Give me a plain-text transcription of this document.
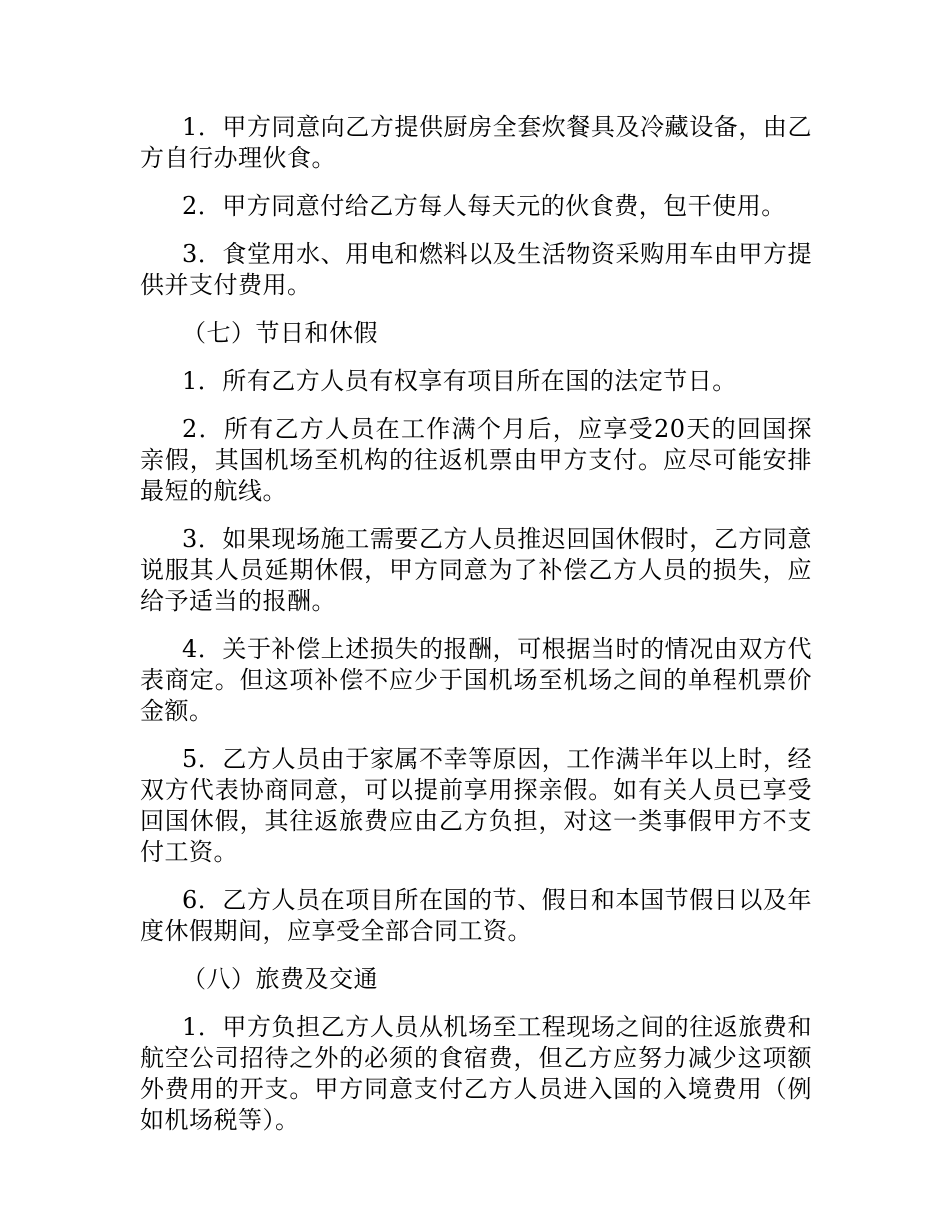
1．甲方同意向乙方提供厨房全套炊餐具及冷藏设备，由乙方自行办理伙食。

2．甲方同意付给乙方每人每天元的伙食费，包干使用。

3．食堂用水、用电和燃料以及生活物资采购用车由甲方提供并支付费用。

（七）节日和休假

1．所有乙方人员有权享有项目所在国的法定节日。

2．所有乙方人员在工作满个月后，应享受20天的回国探亲假，其国机场至机构的往返机票由甲方支付。应尽可能安排最短的航线。

3．如果现场施工需要乙方人员推迟回国休假时，乙方同意说服其人员延期休假，甲方同意为了补偿乙方人员的损失，应给予适当的报酬。

4．关于补偿上述损失的报酬，可根据当时的情况由双方代表商定。但这项补偿不应少于国机场至机场之间的单程机票价金额。

5．乙方人员由于家属不幸等原因，工作满半年以上时，经双方代表协商同意，可以提前享用探亲假。如有关人员已享受回国休假，其往返旅费应由乙方负担，对这一类事假甲方不支付工资。

6．乙方人员在项目所在国的节、假日和本国节假日以及年度休假期间，应享受全部合同工资。

（八）旅费及交通

1．甲方负担乙方人员从机场至工程现场之间的往返旅费和航空公司招待之外的必须的食宿费，但乙方应努力减少这项额外费用的开支。甲方同意支付乙方人员进入国的入境费用（例如机场税等）。
